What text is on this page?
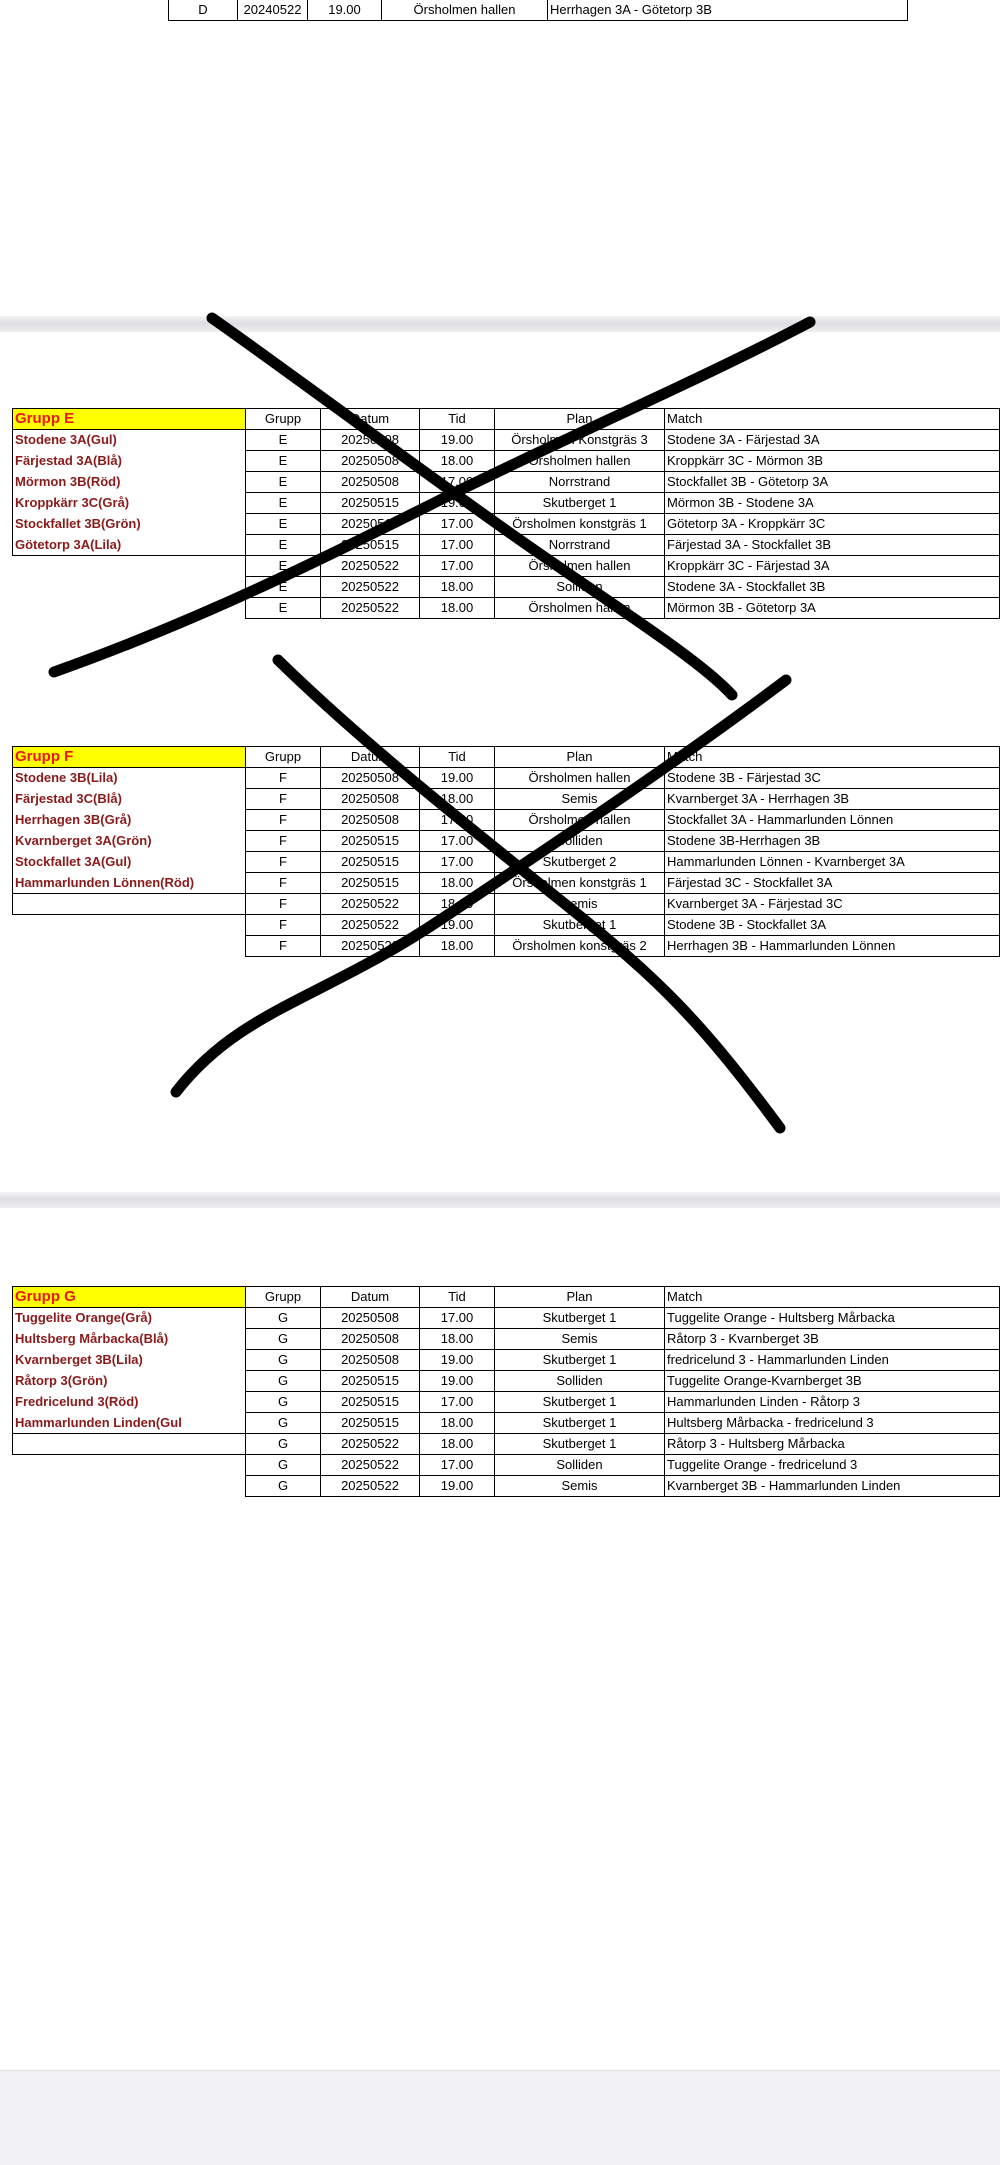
D	20240522	19.00	Örsholmen hallen	Herrhagen 3A - Götetorp 3B
Grupp E	Grupp	Datum	Tid	Plan	Match
Stodene 3A(Gul)	E	20250508	19.00	Örsholmen Konstgräs 3	Stodene 3A - Färjestad 3A
Färjestad 3A(Blå)	E	20250508	18.00	Örsholmen hallen	Kroppkärr 3C - Mörmon 3B
Mörmon 3B(Röd)	E	20250508	17.00	Norrstrand	Stockfallet 3B - Götetorp 3A
Kroppkärr 3C(Grå)	E	20250515	19.00	Skutberget 1	Mörmon 3B - Stodene 3A
Stockfallet 3B(Grön)	E	20250515	17.00	Örsholmen konstgräs 1	Götetorp 3A - Kroppkärr 3C
Götetorp 3A(Lila)	E	20250515	17.00	Norrstrand	Färjestad 3A - Stockfallet 3B
	E	20250522	17.00	Örsholmen hallen	Kroppkärr 3C - Färjestad 3A
	E	20250522	18.00	Solliden	Stodene 3A - Stockfallet 3B
	E	20250522	18.00	Örsholmen hallen	Mörmon 3B - Götetorp 3A
Grupp F	Grupp	Datum	Tid	Plan	Match
Stodene 3B(Lila)	F	20250508	19.00	Örsholmen hallen	Stodene 3B - Färjestad 3C
Färjestad 3C(Blå)	F	20250508	18.00	Semis	Kvarnberget 3A - Herrhagen 3B
Herrhagen 3B(Grå)	F	20250508	17.00	Örsholmen hallen	Stockfallet 3A - Hammarlunden Lönnen
Kvarnberget 3A(Grön)	F	20250515	17.00	Solliden	Stodene 3B-Herrhagen 3B
Stockfallet 3A(Gul)	F	20250515	17.00	Skutberget 2	Hammarlunden Lönnen - Kvarnberget 3A
Hammarlunden Lönnen(Röd)	F	20250515	18.00	Örsholmen konstgräs 1	Färjestad 3C - Stockfallet 3A
	F	20250522	18.00	Semis	Kvarnberget 3A - Färjestad 3C
	F	20250522	19.00	Skutberget 1	Stodene 3B - Stockfallet 3A
	F	20250522	18.00	Örsholmen konstgräs 2	Herrhagen 3B - Hammarlunden Lönnen
Grupp G	Grupp	Datum	Tid	Plan	Match
Tuggelite Orange(Grå)	G	20250508	17.00	Skutberget 1	Tuggelite Orange - Hultsberg Mårbacka
Hultsberg Mårbacka(Blå)	G	20250508	18.00	Semis	Råtorp 3 - Kvarnberget 3B
Kvarnberget 3B(Lila)	G	20250508	19.00	Skutberget 1	fredricelund 3 - Hammarlunden Linden
Råtorp 3(Grön)	G	20250515	19.00	Solliden	Tuggelite Orange-Kvarnberget 3B
Fredricelund 3(Röd)	G	20250515	17.00	Skutberget 1	Hammarlunden Linden - Råtorp 3
Hammarlunden Linden(Gul	G	20250515	18.00	Skutberget 1	Hultsberg Mårbacka - fredricelund 3
	G	20250522	18.00	Skutberget 1	Råtorp 3 - Hultsberg Mårbacka
	G	20250522	17.00	Solliden	Tuggelite Orange - fredricelund 3
	G	20250522	19.00	Semis	Kvarnberget 3B - Hammarlunden Linden
